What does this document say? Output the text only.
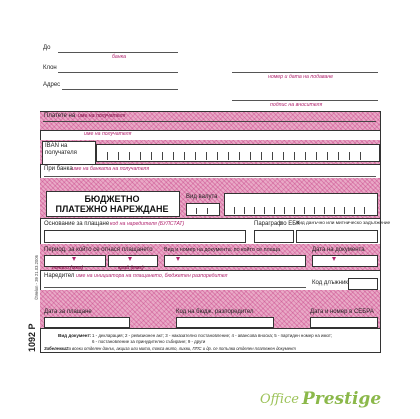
До
банка
Клон
номер и дата на подаване
Адрес
подпис на вносителя
Платете на име на получателя
име на получателя
IBAN на получателя
При банка име на банката на получателя
БЮДЖЕТНО
ПЛАТЕЖНО НАРЕЖДАНЕ
Вид валута
Основание за плащане код на наредителя (БУЛСТАТ)	Параграф
по ЕБК
Вид данъчно или митническо задължение
Период, за който се отнася плащането
начало (ммг)	край (ммг)
Вид и номер на документа, по който се плаща	Дата на документа
Наредител име на инициатора на плащането, бюджетен разпоредител
Код длъжник
Дата за плащане	Код на бюдж. разпоредител	Дата и номер в СЕБРА
Вид документ: 1 - декларация; 2 - ревизионен акт; 3 - наказателно постановление; 4 - авансова вноска; 5 - партиден номер на имот;
6 - постановление за принудително събиране; 9 - други
Забележка:
За всеки отделен данък, акциза или мита, такса мито, лихви, ППС и др. се попълва отделен платежен документ
1092 Р
©Melon - 39 21.03.2006
Office Prestige
